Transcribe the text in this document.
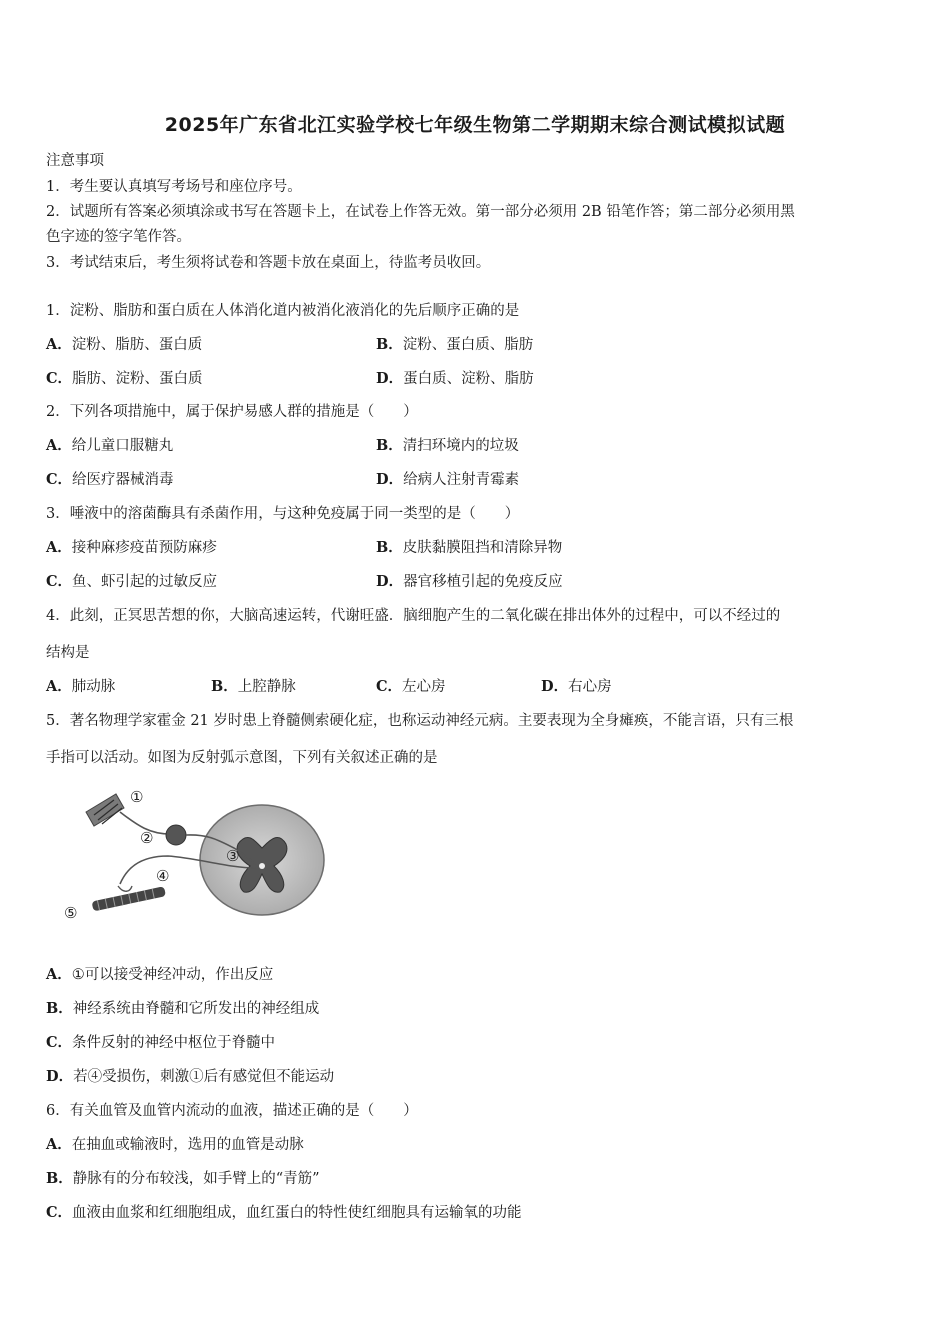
2025年广东省北江实验学校七年级生物第二学期期末综合测试模拟试题
注意事项
1．考生要认真填写考场号和座位序号。
2．试题所有答案必须填涂或书写在答题卡上，在试卷上作答无效。第一部分必须用 2B 铅笔作答；第二部分必须用黑
色字迹的签字笔作答。
3．考试结束后，考生须将试卷和答题卡放在桌面上，待监考员收回。
1．淀粉、脂肪和蛋白质在人体消化道内被消化液消化的先后顺序正确的是
A．淀粉、脂肪、蛋白质	B．淀粉、蛋白质、脂肪
C．脂肪、淀粉、蛋白质	D．蛋白质、淀粉、脂肪
2．下列各项措施中，属于保护易感人群的措施是（　　）
A．给儿童口服糖丸	B．清扫环境内的垃圾
C．给医疗器械消毒	D．给病人注射青霉素
3．唾液中的溶菌酶具有杀菌作用，与这种免疫属于同一类型的是（　　）
A．接种麻疹疫苗预防麻疹	B．皮肤黏膜阻挡和清除异物
C．鱼、虾引起的过敏反应	D．器官移植引起的免疫反应
4．此刻，正冥思苦想的你，大脑高速运转，代谢旺盛．脑细胞产生的二氧化碳在排出体外的过程中，可以不经过的
结构是
A．肺动脉	B．上腔静脉	C．左心房	D．右心房
5．著名物理学家霍金 21 岁时患上脊髓侧索硬化症，也称运动神经元病。主要表现为全身瘫痪，不能言语，只有三根
手指可以活动。如图为反射弧示意图，下列有关叙述正确的是
①
②
③
④
⑤
A．①可以接受神经冲动，作出反应
B．神经系统由脊髓和它所发出的神经组成
C．条件反射的神经中枢位于脊髓中
D．若④受损伤，刺激①后有感觉但不能运动
6．有关血管及血管内流动的血液，描述正确的是（　　）
A．在抽血或输液时，选用的血管是动脉
B．静脉有的分布较浅，如手臂上的“青筋”
C．血液由血浆和红细胞组成，血红蛋白的特性使红细胞具有运输氧的功能
